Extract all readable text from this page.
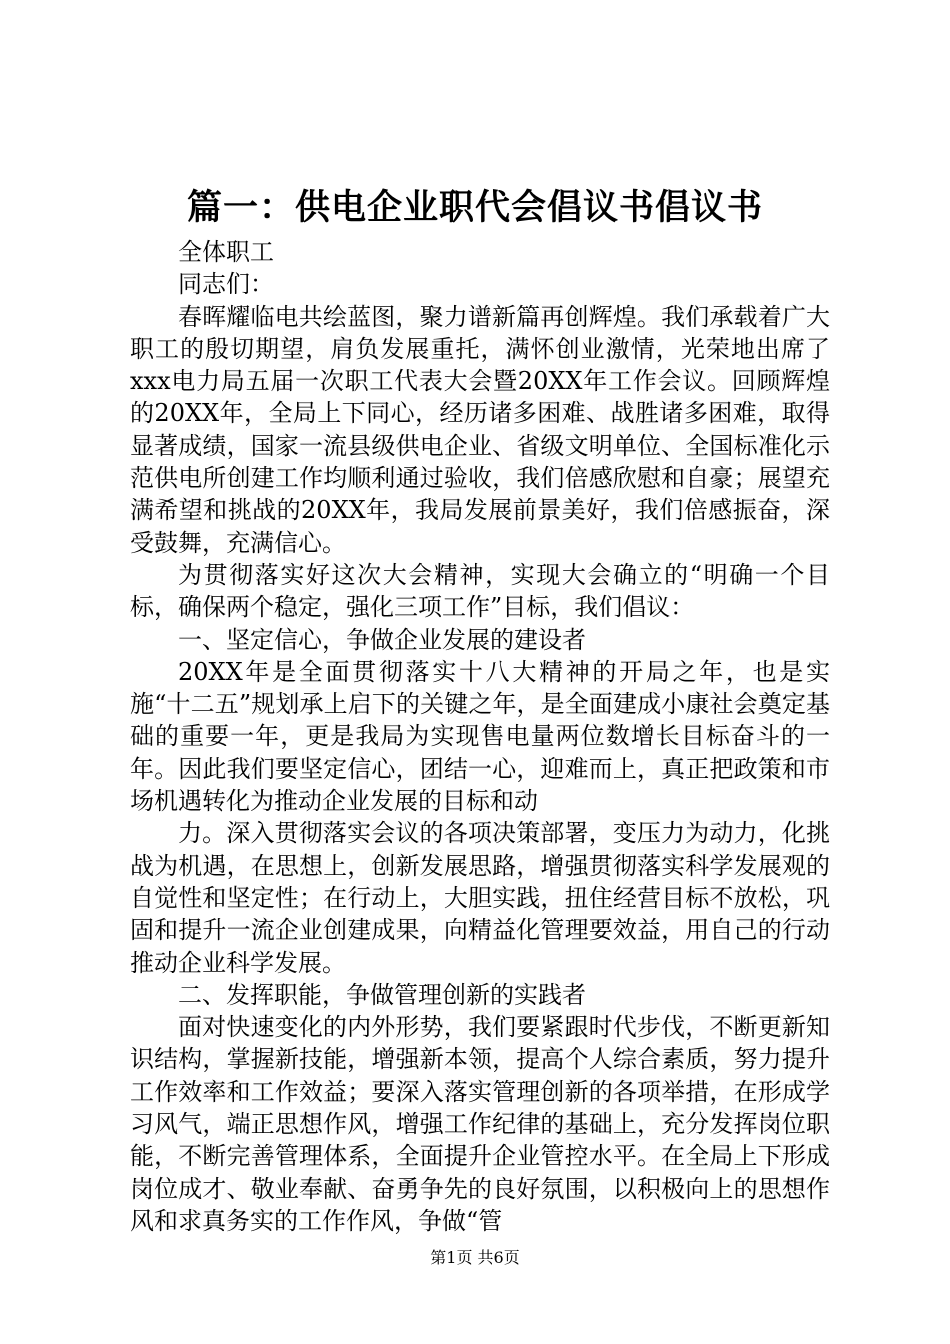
篇一：供电企业职代会倡议书倡议书

全体职工

同志们：

春晖耀临电共绘蓝图，聚力谱新篇再创辉煌。我们承载着广大职工的殷切期望，肩负发展重托，满怀创业激情，光荣地出席了xxx电力局五届一次职工代表大会暨20XX年工作会议。回顾辉煌的20XX年，全局上下同心，经历诸多困难、战胜诸多困难，取得显著成绩，国家一流县级供电企业、省级文明单位、全国标准化示范供电所创建工作均顺利通过验收，我们倍感欣慰和自豪；展望充满希望和挑战的20XX年，我局发展前景美好，我们倍感振奋，深受鼓舞，充满信心。

为贯彻落实好这次大会精神，实现大会确立的“明确一个目标，确保两个稳定，强化三项工作”目标，我们倡议：

一、坚定信心，争做企业发展的建设者

20XX年是全面贯彻落实十八大精神的开局之年，也是实施“十二五”规划承上启下的关键之年，是全面建成小康社会奠定基础的重要一年，更是我局为实现售电量两位数增长目标奋斗的一年。因此我们要坚定信心，团结一心，迎难而上，真正把政策和市场机遇转化为推动企业发展的目标和动

力。深入贯彻落实会议的各项决策部署，变压力为动力，化挑战为机遇，在思想上，创新发展思路，增强贯彻落实科学发展观的自觉性和坚定性；在行动上，大胆实践，扭住经营目标不放松，巩固和提升一流企业创建成果，向精益化管理要效益，用自己的行动推动企业科学发展。

二、发挥职能，争做管理创新的实践者

面对快速变化的内外形势，我们要紧跟时代步伐，不断更新知识结构，掌握新技能，增强新本领，提高个人综合素质，努力提升工作效率和工作效益；要深入落实管理创新的各项举措，在形成学习风气，端正思想作风，增强工作纪律的基础上，充分发挥岗位职能，不断完善管理体系，全面提升企业管控水平。在全局上下形成岗位成才、敬业奉献、奋勇争先的良好氛围，以积极向上的思想作风和求真务实的工作作风，争做“管

第1页 共6页
